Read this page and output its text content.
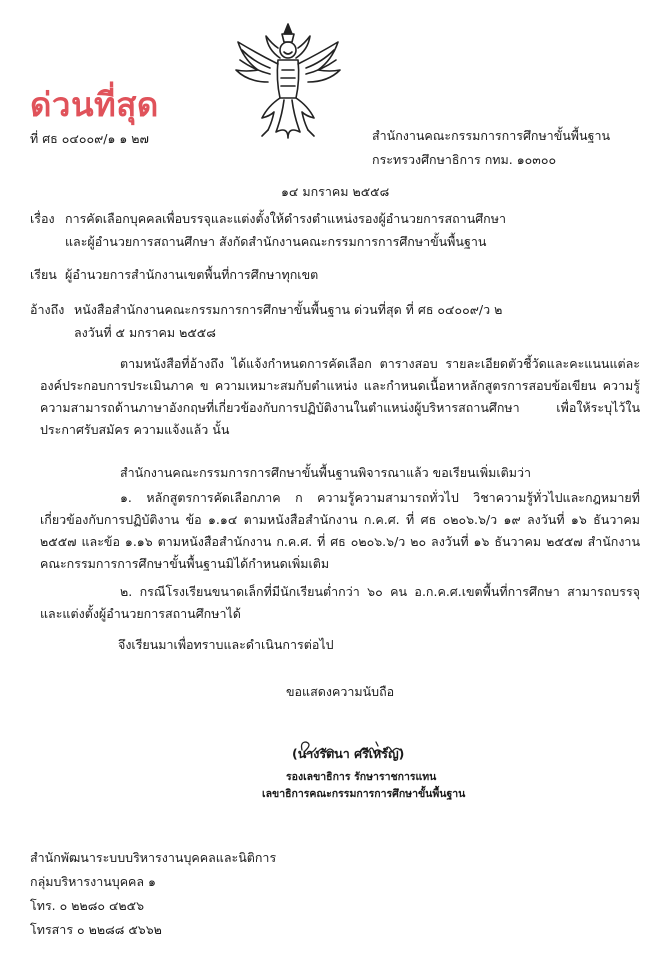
ด่วนที่สุด
ที่ ศธ ๐๔๐๐๙/๑ ๑ ๒๗	สำนักงานคณะกรรมการการศึกษาขั้นพื้นฐาน
กระทรวงศึกษาธิการ กทม. ๑๐๓๐๐
๑๔ มกราคม ๒๕๕๘
เรื่อง การคัดเลือกบุคคลเพื่อบรรจุและแต่งตั้งให้ดำรงตำแหน่งรองผู้อำนวยการสถานศึกษา
และผู้อำนวยการสถานศึกษา สังกัดสำนักงานคณะกรรมการการศึกษาขั้นพื้นฐาน
เรียน ผู้อำนวยการสำนักงานเขตพื้นที่การศึกษาทุกเขต
อ้างถึง หนังสือสำนักงานคณะกรรมการการศึกษาขั้นพื้นฐาน ด่วนที่สุด ที่ ศธ ๐๔๐๐๙/ว ๒
ลงวันที่ ๕ มกราคม ๒๕๕๘

ตามหนังสือที่อ้างถึง ได้แจ้งกำหนดการคัดเลือก ตารางสอบ รายละเอียดตัวชี้วัดและคะแนนแต่ละองค์ประกอบการประเมินภาค ข ความเหมาะสมกับตำแหน่ง และกำหนดเนื้อหาหลักสูตรการสอบข้อเขียน ความรู้ความสามารถด้านภาษาอังกฤษที่เกี่ยวข้องกับการปฏิบัติงานในตำแหน่งผู้บริหารสถานศึกษา เพื่อให้ระบุไว้ในประกาศรับสมัคร ความแจ้งแล้ว นั้น

สำนักงานคณะกรรมการการศึกษาขั้นพื้นฐานพิจารณาแล้ว ขอเรียนเพิ่มเติมว่า

๑. หลักสูตรการคัดเลือกภาค ก ความรู้ความสามารถทั่วไป วิชาความรู้ทั่วไปและกฎหมายที่เกี่ยวข้องกับการปฏิบัติงาน ข้อ ๑.๑๔ ตามหนังสือสำนักงาน ก.ค.ศ. ที่ ศธ ๐๒๐๖.๖/ว ๑๙ ลงวันที่ ๑๖ ธันวาคม ๒๕๕๗ และข้อ ๑.๑๖ ตามหนังสือสำนักงาน ก.ค.ศ. ที่ ศธ ๐๒๐๖.๖/ว ๒๐ ลงวันที่ ๑๖ ธันวาคม ๒๕๕๗ สำนักงานคณะกรรมการการศึกษาขั้นพื้นฐานมิได้กำหนดเพิ่มเติม

๒. กรณีโรงเรียนขนาดเล็กที่มีนักเรียนต่ำกว่า ๖๐ คน อ.ก.ค.ศ.เขตพื้นที่การศึกษา สามารถบรรจุและแต่งตั้งผู้อำนวยการสถานศึกษาได้

จึงเรียนมาเพื่อทราบและดำเนินการต่อไป
ขอแสดงความนับถือ
(นางรัตนา ศรีเหรัญ)
รองเลขาธิการ รักษาราชการแทน
เลขาธิการคณะกรรมการการศึกษาขั้นพื้นฐาน
สำนักพัฒนาระบบบริหารงานบุคคลและนิติการ
กลุ่มบริหารงานบุคคล ๑
โทร. ๐ ๒๒๘๐ ๔๒๕๖
โทรสาร ๐ ๒๒๘๘ ๕๖๖๒
